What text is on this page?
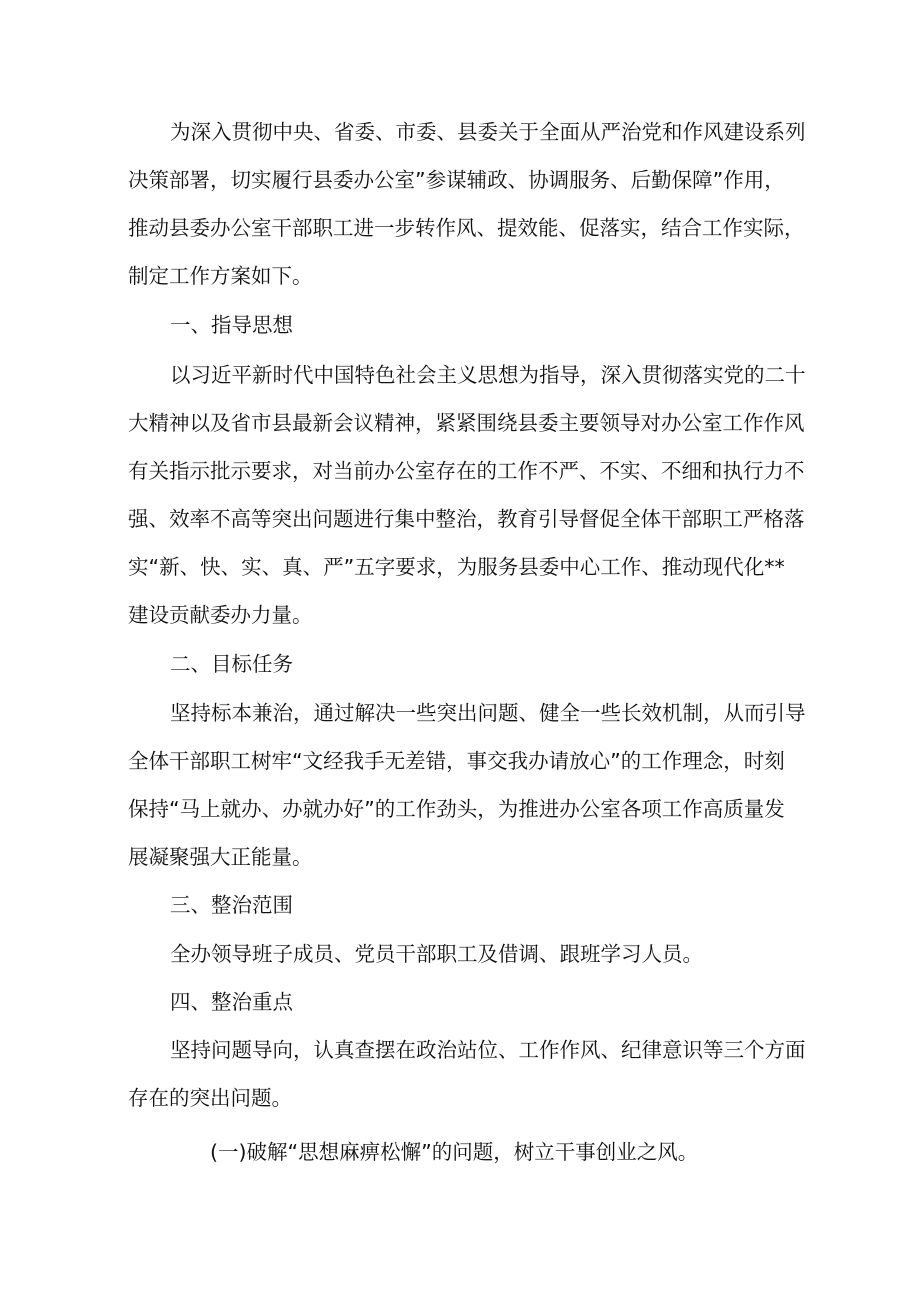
为深入贯彻中央、省委、市委、县委关于全面从严治党和作风建设系列
决策部署，切实履行县委办公室”参谋辅政、协调服务、后勤保障”作用，
推动县委办公室干部职工进一步转作风、提效能、促落实，结合工作实际，
制定工作方案如下。
一、指导思想
以习近平新时代中国特色社会主义思想为指导，深入贯彻落实党的二十
大精神以及省市县最新会议精神，紧紧围绕县委主要领导对办公室工作作风
有关指示批示要求，对当前办公室存在的工作不严、不实、不细和执行力不
强、效率不高等突出问题进行集中整治，教育引导督促全体干部职工严格落
实“新、快、实、真、严”五字要求，为服务县委中心工作、推动现代化**
建设贡献委办力量。
二、目标任务
坚持标本兼治，通过解决一些突出问题、健全一些长效机制，从而引导
全体干部职工树牢“文经我手无差错，事交我办请放心”的工作理念，时刻
保持“马上就办、办就办好”的工作劲头，为推进办公室各项工作高质量发
展凝聚强大正能量。
三、整治范围
全办领导班子成员、党员干部职工及借调、跟班学习人员。
四、整治重点
坚持问题导向，认真查摆在政治站位、工作作风、纪律意识等三个方面
存在的突出问题。
(一)破解“思想麻痹松懈”的问题，树立干事创业之风。
